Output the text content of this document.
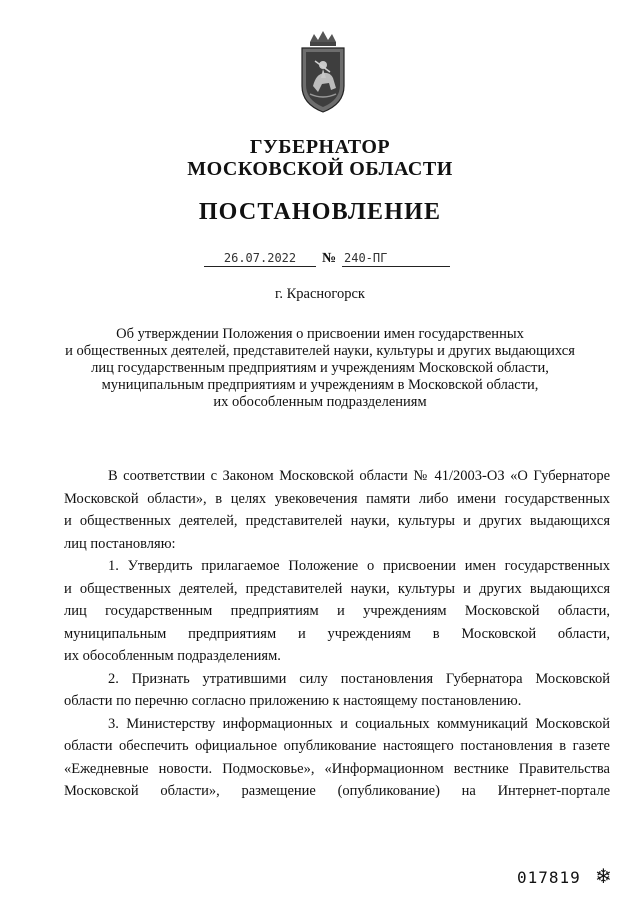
ГУБЕРНАТОР
МОСКОВСКОЙ ОБЛАСТИ
ПОСТАНОВЛЕНИЕ
26.07.2022	№ 240-ПГ
г. Красногорск
Об утверждении Положения о присвоении имен государственных
и общественных деятелей, представителей науки, культуры и других выдающихся
лиц государственным предприятиям и учреждениям Московской области,
муниципальным предприятиям и учреждениям в Московской области,
их обособленным подразделениям
В соответствии с Законом Московской области № 41/2003-ОЗ «О Губернаторе
Московской области», в целях увековечения памяти либо имени государственных
и общественных деятелей, представителей науки, культуры и других выдающихся
лиц постановляю:
1. Утвердить прилагаемое Положение о присвоении имен государственных
и общественных деятелей, представителей науки, культуры и других выдающихся
лиц государственным предприятиям и учреждениям Московской области,
муниципальным предприятиям и учреждениям в Московской области,
их обособленным подразделениям.
2. Признать утратившими силу постановления Губернатора Московской
области по перечню согласно приложению к настоящему постановлению.
3. Министерству информационных и социальных коммуникаций Московской
области обеспечить официальное опубликование настоящего постановления в газете
«Ежедневные новости. Подмосковье», «Информационном вестнике Правительства
Московской области», размещение (опубликование) на Интернет-портале
017819 ❄
